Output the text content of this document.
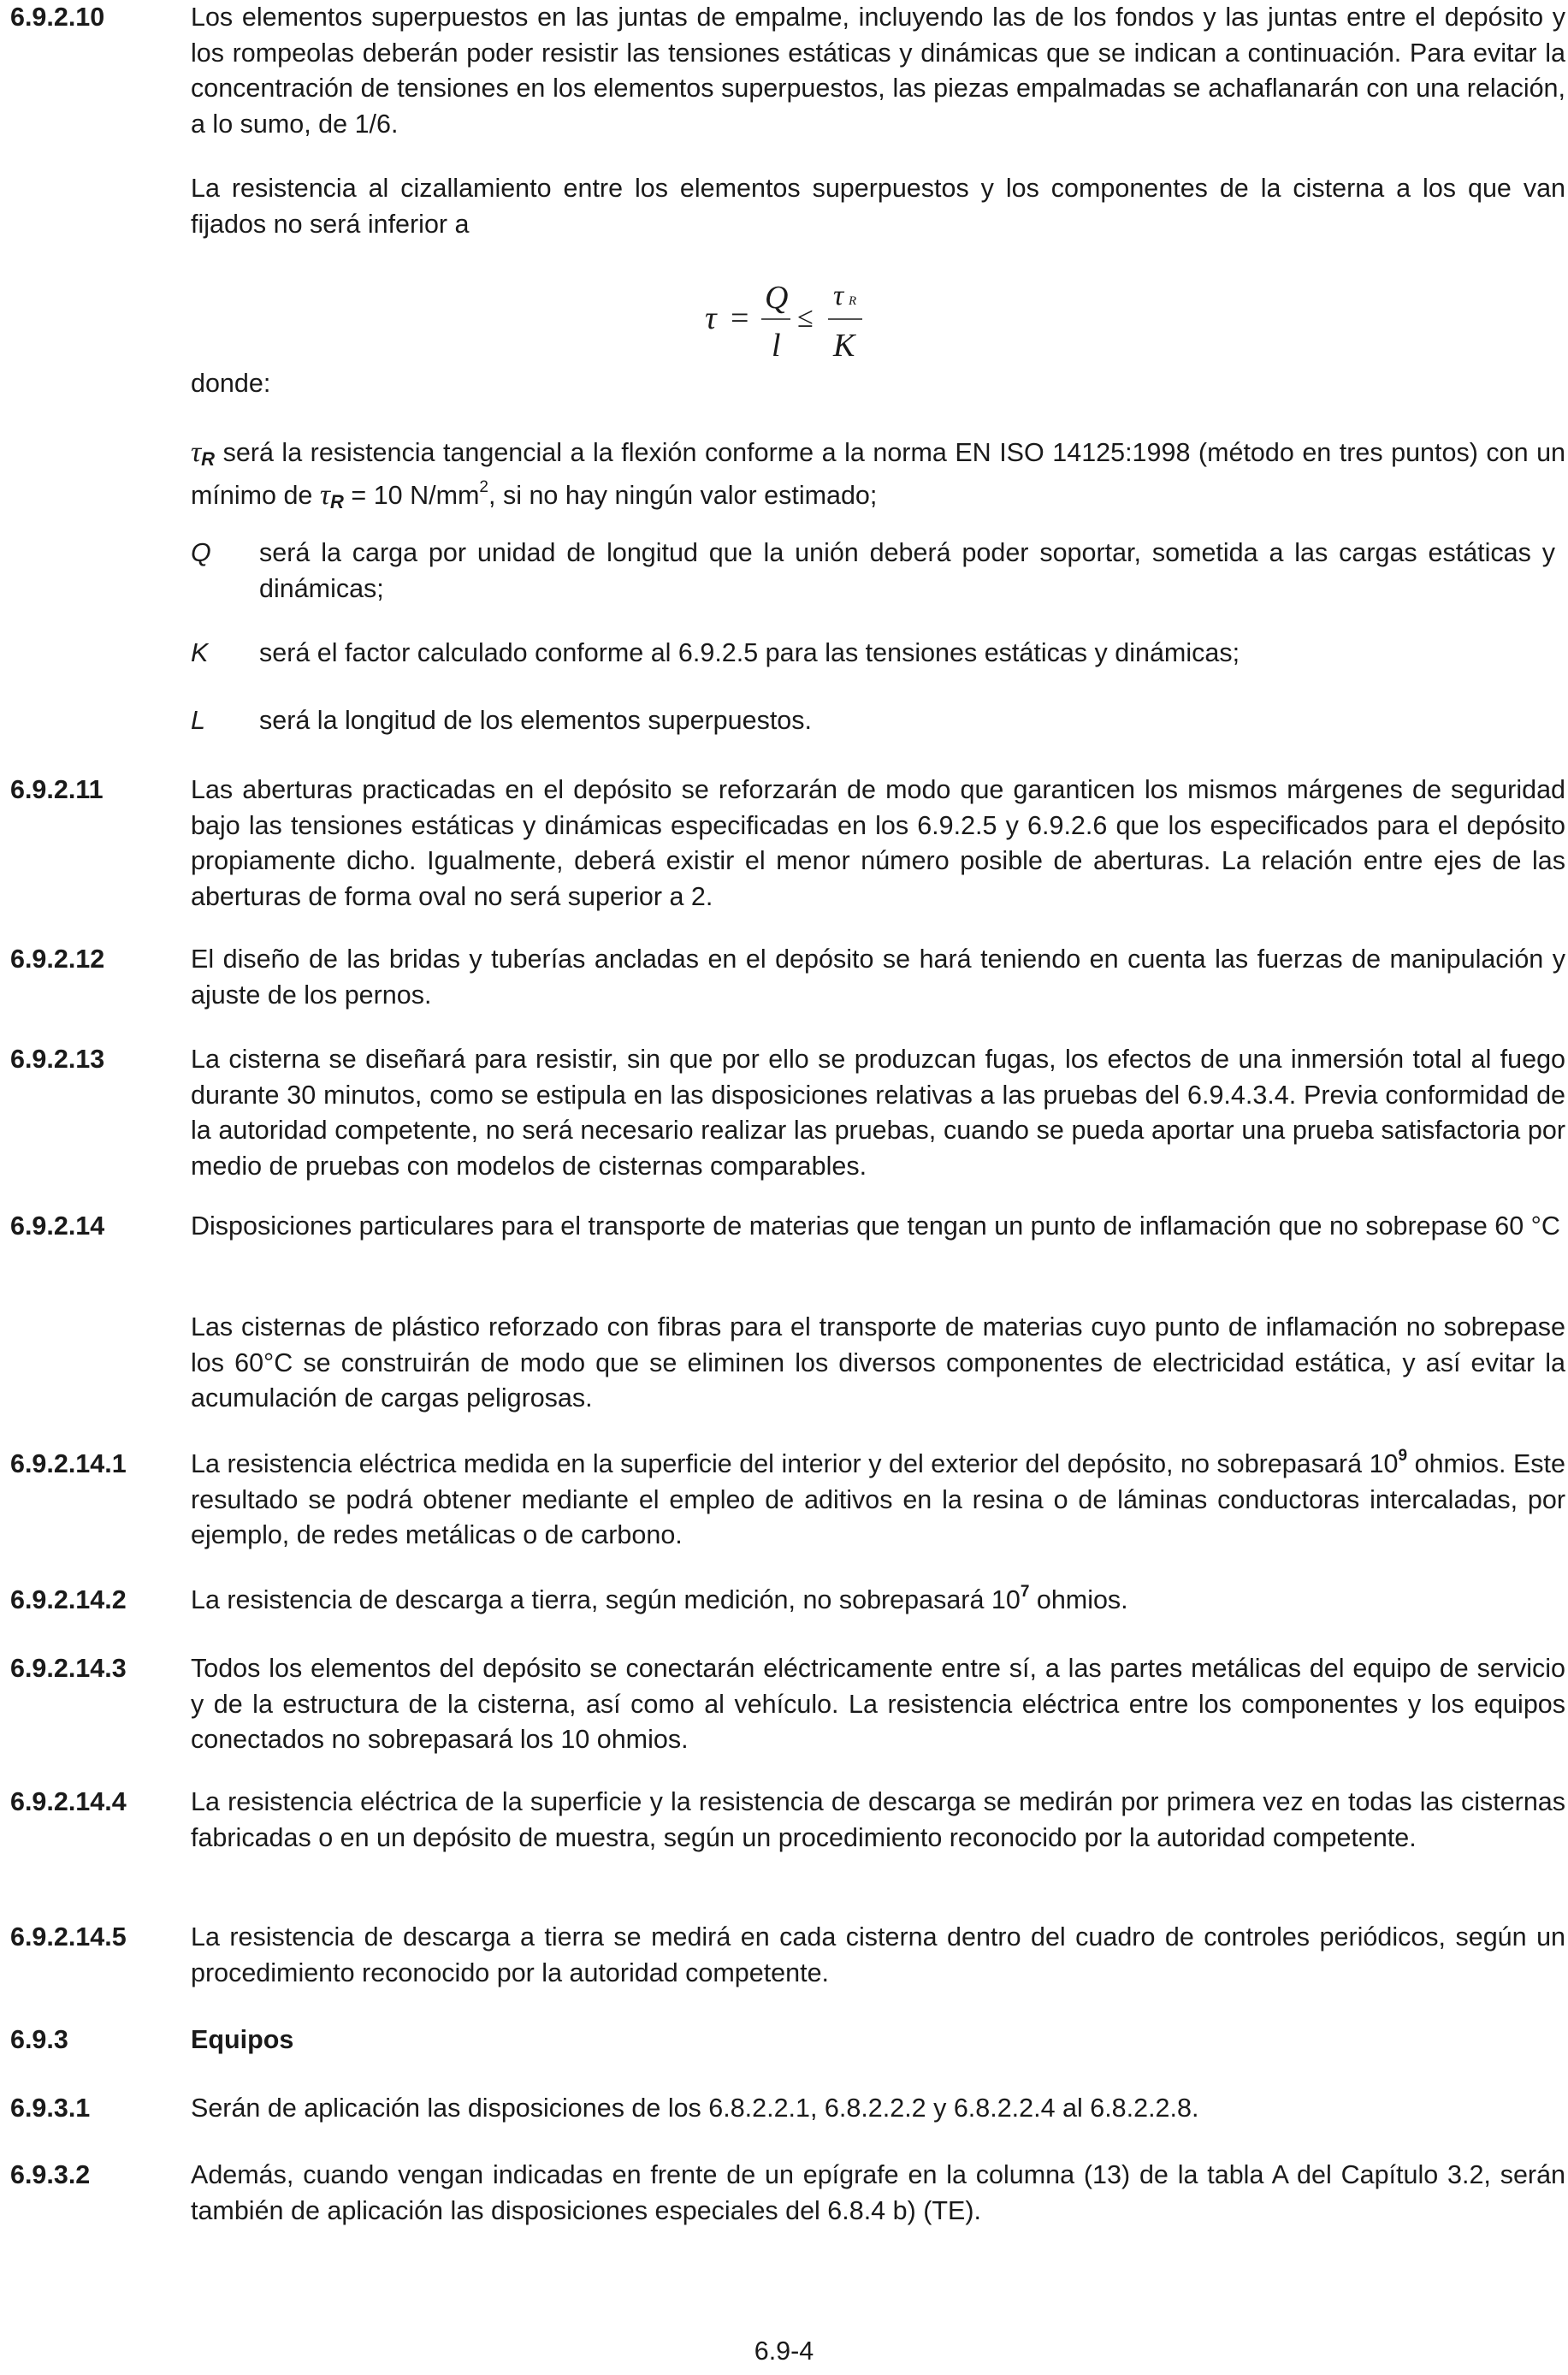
6.9.2.10	Los elementos superpuestos en las juntas de empalme, incluyendo las de los fondos y las juntas entre el depósito y los rompeolas deberán poder resistir las tensiones estáticas y dinámicas que se indican a continuación. Para evitar la concentración de tensiones en los elementos superpuestos, las piezas empalmadas se achaflanarán con una relación, a lo sumo, de 1/6.

La resistencia al cizallamiento entre los elementos superpuestos y los componentes de la cisterna a los que van fijados no será inferior a

τ =
Q
l
≤
τ R
K
donde:

τR será la resistencia tangencial a la flexión conforme a la norma EN ISO 14125:1998 (método en tres puntos) con un mínimo de τR = 10 $N/mm^2$, si no hay ningún valor estimado;

Q	será la carga por unidad de longitud que la unión deberá poder soportar, sometida a las cargas estáticas y dinámicas;
K	será el factor calculado conforme al 6.9.2.5 para las tensiones estáticas y dinámicas;
L	será la longitud de los elementos superpuestos.
6.9.2.11	Las aberturas practicadas en el depósito se reforzarán de modo que garanticen los mismos márgenes de seguridad bajo las tensiones estáticas y dinámicas especificadas en los 6.9.2.5 y 6.9.2.6 que los especificados para el depósito propiamente dicho. Igualmente, deberá existir el menor número posible de aberturas. La relación entre ejes de las aberturas de forma oval no será superior a 2.
6.9.2.12	El diseño de las bridas y tuberías ancladas en el depósito se hará teniendo en cuenta las fuerzas de manipulación y ajuste de los pernos.
6.9.2.13	La cisterna se diseñará para resistir, sin que por ello se produzcan fugas, los efectos de una inmersión total al fuego durante 30 minutos, como se estipula en las disposiciones relativas a las pruebas del 6.9.4.3.4. Previa conformidad de la autoridad competente, no será necesario realizar las pruebas, cuando se pueda aportar una prueba satisfactoria por medio de pruebas con modelos de cisternas comparables.
6.9.2.14	Disposiciones particulares para el transporte de materias que tengan un punto de inflamación que no sobrepase 60 °C
Las cisternas de plástico reforzado con fibras para el transporte de materias cuyo punto de inflamación no sobrepase los 60°C se construirán de modo que se eliminen los diversos componentes de electricidad estática, y así evitar la acumulación de cargas peligrosas.
6.9.2.14.1	La resistencia eléctrica medida en la superficie del interior y del exterior del depósito, no sobrepasará $10^9$ ohmios. Este resultado se podrá obtener mediante el empleo de aditivos en la resina o de láminas conductoras intercaladas, por ejemplo, de redes metálicas o de carbono.

6.9.2.14.2	La resistencia de descarga a tierra, según medición, no sobrepasará $10^7$ ohmios.

6.9.2.14.3	Todos los elementos del depósito se conectarán eléctricamente entre sí, a las partes metálicas del equipo de servicio y de la estructura de la cisterna, así como al vehículo. La resistencia eléctrica entre los componentes y los equipos conectados no sobrepasará los 10 ohmios.
6.9.2.14.4	La resistencia eléctrica de la superficie y la resistencia de descarga se medirán por primera vez en todas las cisternas fabricadas o en un depósito de muestra, según un procedimiento reconocido por la autoridad competente.
6.9.2.14.5	La resistencia de descarga a tierra se medirá en cada cisterna dentro del cuadro de controles periódicos, según un procedimiento reconocido por la autoridad competente.
6.9.3	Equipos
6.9.3.1	Serán de aplicación las disposiciones de los 6.8.2.2.1, 6.8.2.2.2 y 6.8.2.2.4 al 6.8.2.2.8.
6.9.3.2	Además, cuando vengan indicadas en frente de un epígrafe en la columna (13) de la tabla A del Capítulo 3.2, serán también de aplicación las disposiciones especiales del 6.8.4 b) (TE).
6.9-4
